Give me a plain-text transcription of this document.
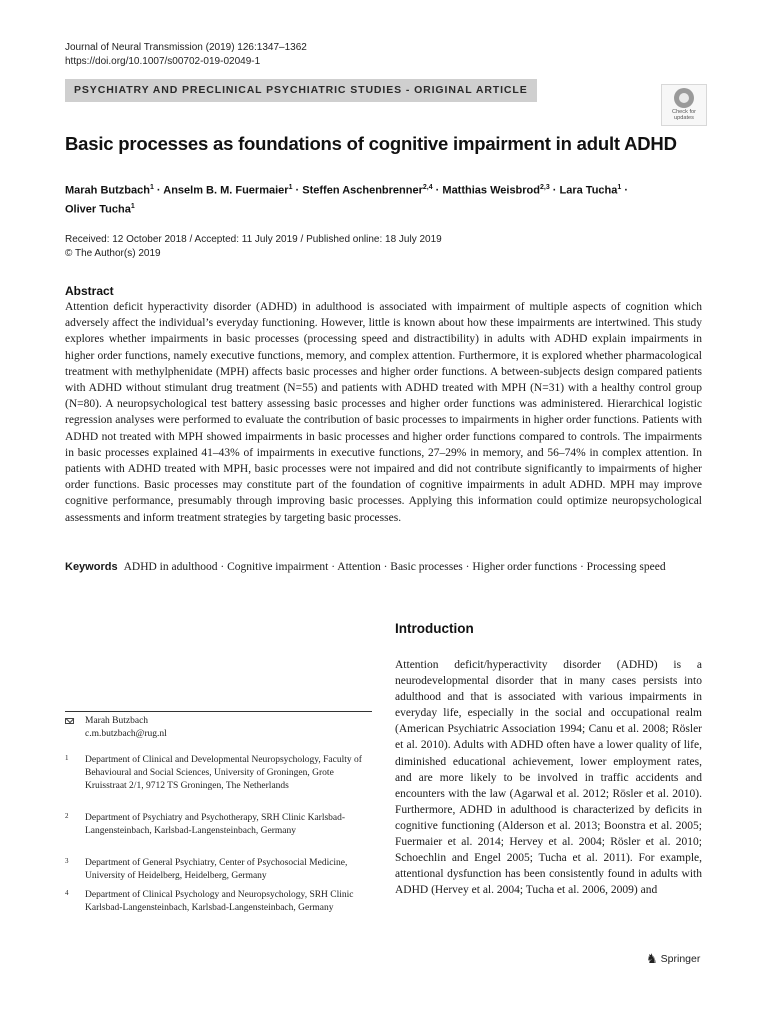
Journal of Neural Transmission (2019) 126:1347–1362
https://doi.org/10.1007/s00702-019-02049-1
PSYCHIATRY AND PRECLINICAL PSYCHIATRIC STUDIES - ORIGINAL ARTICLE
Check for
updates
Basic processes as foundations of cognitive impairment in adult ADHD
Marah Butzbach$^1$ · Anselm B. M. Fuermaier$^1$ · Steffen Aschenbrenner$^{2,4}$ · Matthias Weisbrod$^{2,3}$ · Lara Tucha$^1$ ·
Oliver Tucha$^1$
Received: 12 October 2018 / Accepted: 11 July 2019 / Published online: 18 July 2019
© The Author(s) 2019
Abstract
Attention deficit hyperactivity disorder (ADHD) in adulthood is associated with impairment of multiple aspects of cognition which adversely affect the individual’s everyday functioning. However, little is known about how these impairments are intertwined. This study explores whether impairments in basic processes (processing speed and distractibility) in adults with ADHD explain impairments in higher order functions, namely executive functions, memory, and complex attention. Furthermore, it is explored whether pharmacological treatment with methylphenidate (MPH) affects basic processes and higher order functions. A between-subjects design compared patients with ADHD without stimulant drug treatment (N=55) and patients with ADHD treated with MPH (N=31) with a healthy control group (N=80). A neuropsychological test battery assessing basic processes and higher order functions was administered. Hierarchical logistic regression analyses were performed to evaluate the contribution of basic processes to impairments in higher order functions. Patients with ADHD not treated with MPH showed impairments in basic processes and higher order functions compared to controls. The impairments in basic processes explained 41–43% of impairments in executive functions, 27–29% in memory, and 56–74% in complex attention. In patients with ADHD treated with MPH, basic processes were not impaired and did not contribute significantly to impairments of higher order functions. Basic processes may constitute part of the foundation of cognitive impairments in adult ADHD. MPH may improve cognitive performance, presumably through improving basic processes. Applying this information could optimize neuropsychological assessments and inform treatment strategies by targeting basic processes.
Keywords ADHD in adulthood · Cognitive impairment · Attention · Basic processes · Higher order functions · Processing speed
Introduction
Attention deficit/hyperactivity disorder (ADHD) is a neurodevelopmental disorder that in many cases persists into adulthood and that is associated with various impairments in everyday life, especially in the social and occupational realm (American Psychiatric Association 1994; Canu et al. 2008; Rösler et al. 2010). Adults with ADHD often have a lower quality of life, diminished educational achievement, lower employment rates, and are more likely to be involved in traffic accidents and encounters with the law (Agarwal et al. 2012; Rösler et al. 2010). Furthermore, ADHD in adulthood is characterized by deficits in cognitive functioning (Alderson et al. 2013; Boonstra et al. 2005; Fuermaier et al. 2014; Hervey et al. 2004; Rösler et al. 2010; Schoechlin and Engel 2005; Tucha et al. 2011). For example, attentional dysfunction has been consistently found in adults with ADHD (Hervey et al. 2004; Tucha et al. 2006, 2009) and
Marah Butzbach
c.m.butzbach@rug.nl
1 Department of Clinical and Developmental Neuropsychology, Faculty of Behavioural and Social Sciences, University of Groningen, Grote Kruisstraat 2/1, 9712 TS Groningen, The Netherlands
2 Department of Psychiatry and Psychotherapy, SRH Clinic Karlsbad-Langensteinbach, Karlsbad-Langensteinbach, Germany
3 Department of General Psychiatry, Center of Psychosocial Medicine, University of Heidelberg, Heidelberg, Germany
4 Department of Clinical Psychology and Neuropsychology, SRH Clinic Karlsbad-Langensteinbach, Karlsbad-Langensteinbach, Germany
♞ Springer
